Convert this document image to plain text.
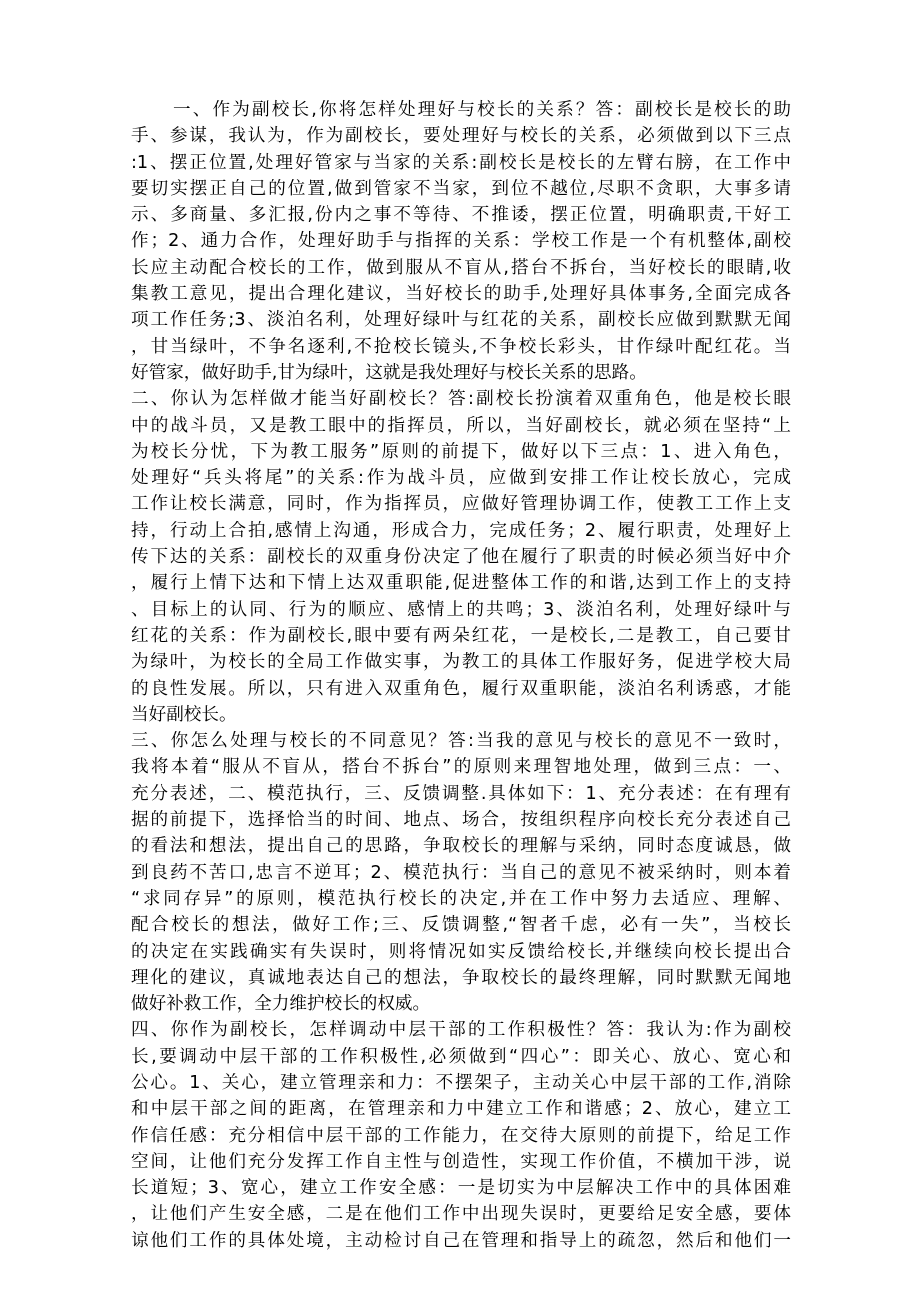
一、作为副校长,你将怎样处理好与校长的关系？答：副校长是校长的助
手、参谋，我认为，作为副校长，要处理好与校长的关系，必须做到以下三点
:1、摆正位置,处理好管家与当家的关系:副校长是校长的左臂右膀，在工作中
要切实摆正自己的位置,做到管家不当家，到位不越位,尽职不贪职，大事多请
示、多商量、多汇报,份内之事不等待、不推诿，摆正位置，明确职责,干好工
作；2、通力合作，处理好助手与指挥的关系：学校工作是一个有机整体,副校
长应主动配合校长的工作，做到服从不盲从,搭台不拆台，当好校长的眼睛,收
集教工意见，提出合理化建议，当好校长的助手,处理好具体事务,全面完成各
项工作任务;3、淡泊名利，处理好绿叶与红花的关系，副校长应做到默默无闻
，甘当绿叶，不争名逐利,不抢校长镜头,不争校长彩头，甘作绿叶配红花。当
好管家，做好助手,甘为绿叶，这就是我处理好与校长关系的思路。
二、你认为怎样做才能当好副校长？答:副校长扮演着双重角色，他是校长眼
中的战斗员，又是教工眼中的指挥员，所以，当好副校长，就必须在坚持“上
为校长分忧，下为教工服务”原则的前提下，做好以下三点：1、进入角色，
处理好“兵头将尾”的关系:作为战斗员，应做到安排工作让校长放心，完成
工作让校长满意，同时，作为指挥员，应做好管理协调工作，使教工工作上支
持，行动上合拍,感情上沟通，形成合力，完成任务；2、履行职责，处理好上
传下达的关系：副校长的双重身份决定了他在履行了职责的时候必须当好中介
，履行上情下达和下情上达双重职能,促进整体工作的和谐,达到工作上的支持
、目标上的认同、行为的顺应、感情上的共鸣；3、淡泊名利，处理好绿叶与
红花的关系：作为副校长,眼中要有两朵红花，一是校长,二是教工，自己要甘
为绿叶，为校长的全局工作做实事，为教工的具体工作服好务，促进学校大局
的良性发展。所以，只有进入双重角色，履行双重职能，淡泊名利诱惑，才能
当好副校长。
三、你怎么处理与校长的不同意见？答:当我的意见与校长的意见不一致时，
我将本着“服从不盲从，搭台不拆台”的原则来理智地处理，做到三点：一、
充分表述，二、模范执行，三、反馈调整.具体如下：1、充分表述：在有理有
据的前提下，选择恰当的时间、地点、场合，按组织程序向校长充分表述自己
的看法和想法，提出自己的思路，争取校长的理解与采纳，同时态度诚恳，做
到良药不苦口,忠言不逆耳；2、模范执行：当自己的意见不被采纳时，则本着
“求同存异”的原则，模范执行校长的决定,并在工作中努力去适应、理解、
配合校长的想法，做好工作;三、反馈调整,“智者千虑，必有一失”，当校长
的决定在实践确实有失误时，则将情况如实反馈给校长,并继续向校长提出合
理化的建议，真诚地表达自己的想法，争取校长的最终理解，同时默默无闻地
做好补救工作，全力维护校长的权威。
四、你作为副校长，怎样调动中层干部的工作积极性？答：我认为:作为副校
长,要调动中层干部的工作积极性,必须做到“四心”：即关心、放心、宽心和
公心。1、关心，建立管理亲和力：不摆架子，主动关心中层干部的工作,消除
和中层干部之间的距离，在管理亲和力中建立工作和谐感；2、放心，建立工
作信任感：充分相信中层干部的工作能力，在交待大原则的前提下，给足工作
空间，让他们充分发挥工作自主性与创造性，实现工作价值，不横加干涉，说
长道短；3、宽心，建立工作安全感：一是切实为中层解决工作中的具体困难
，让他们产生安全感，二是在他们工作中出现失误时，更要给足安全感，要体
谅他们工作的具体处境，主动检讨自己在管理和指导上的疏忽，然后和他们一
